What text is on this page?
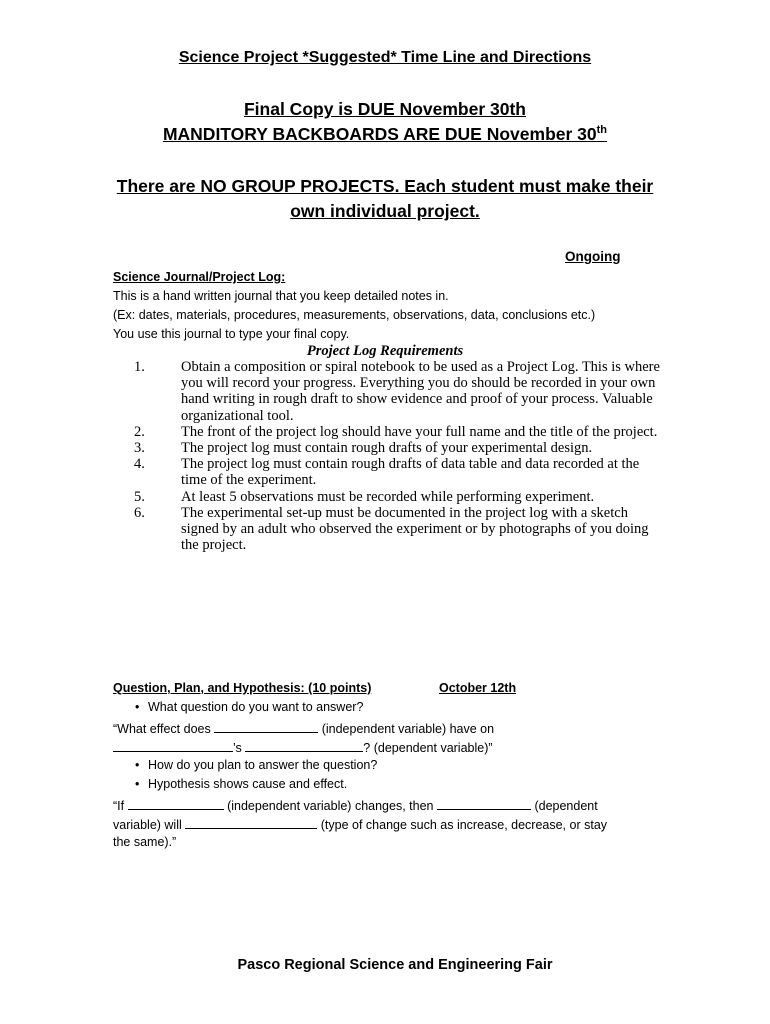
Science Project *Suggested* Time Line and Directions
Final Copy is DUE November 30th
MANDITORY BACKBOARDS ARE DUE November 30th
There are NO GROUP PROJECTS. Each student must make their
own individual project.
Ongoing
Science Journal/Project Log:
This is a hand written journal that you keep detailed notes in.
(Ex: dates, materials, procedures, measurements, observations, data, conclusions etc.)
You use this journal to type your final copy.
Project Log Requirements
1. Obtain a composition or spiral notebook to be used as a Project Log. This is where you will record your progress. Everything you do should be recorded in your own hand writing in rough draft to show evidence and proof of your process. Valuable organizational tool.
2. The front of the project log should have your full name and the title of the project.
3. The project log must contain rough drafts of your experimental design.
4. The project log must contain rough drafts of data table and data recorded at the time of the experiment.
5. At least 5 observations must be recorded while performing experiment.
6. The experimental set-up must be documented in the project log with a sketch signed by an adult who observed the experiment or by photographs of you doing the project.
Question, Plan, and Hypothesis: (10 points)	October 12th
• What question do you want to answer?
“What effect does	(independent variable) have on
’s	? (dependent variable)”
• How do you plan to answer the question?
• Hypothesis shows cause and effect.
“If	(independent variable) changes, then	(dependent
variable) will	(type of change such as increase, decrease, or stay
the same).”
Pasco Regional Science and Engineering Fair
